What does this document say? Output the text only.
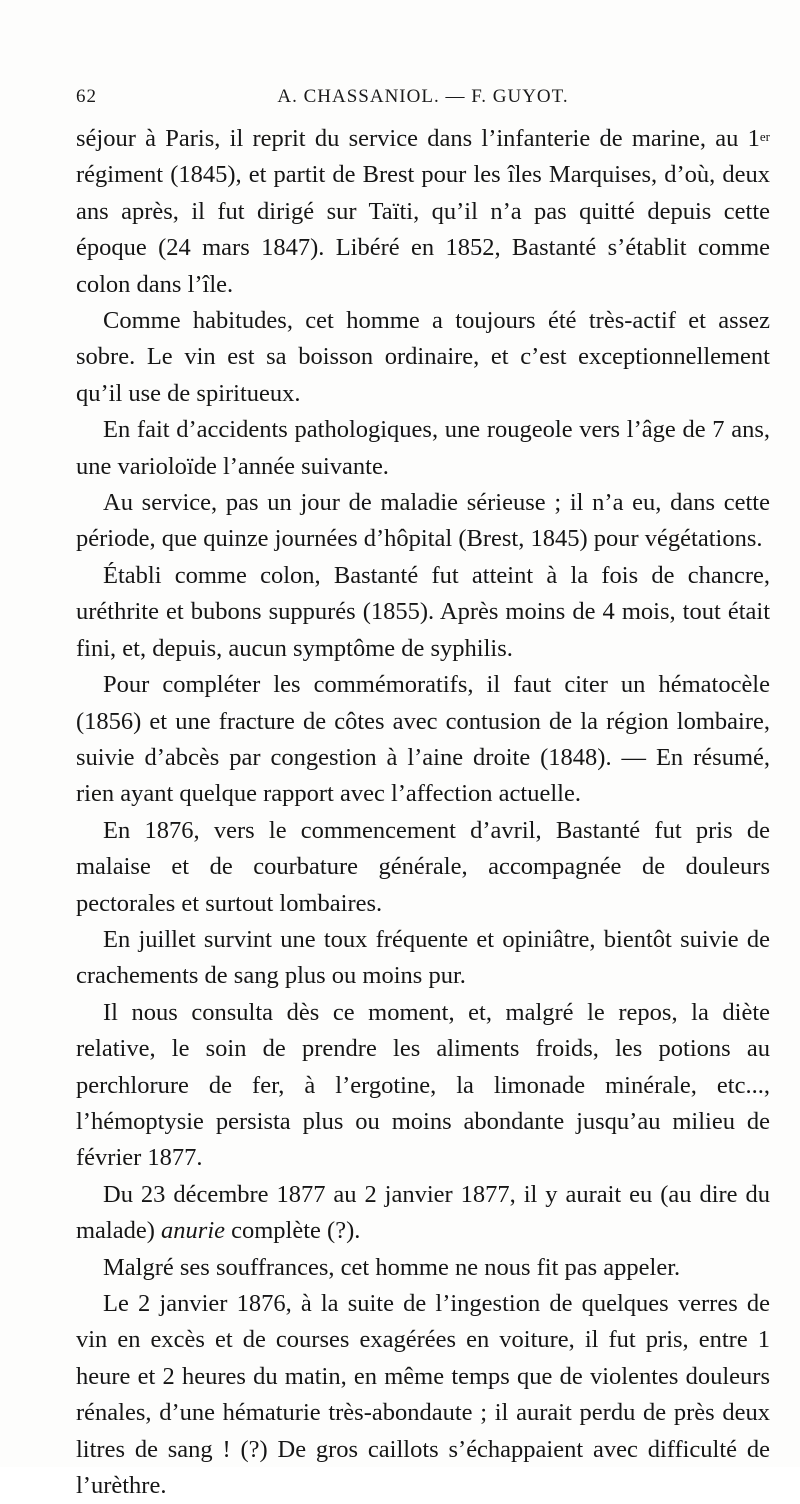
62	A. CHASSANIOL. — F. GUYOT.

séjour à Paris, il reprit du service dans l’infanterie de marine, au 1er régiment (1845), et partit de Brest pour les îles Marquises, d’où, deux ans après, il fut dirigé sur Taïti, qu’il n’a pas quitté depuis cette époque (24 mars 1847). Libéré en 1852, Bastanté s’établit comme colon dans l’île.

Comme habitudes, cet homme a toujours été très-actif et assez sobre. Le vin est sa boisson ordinaire, et c’est exceptionnellement qu’il use de spiritueux.

En fait d’accidents pathologiques, une rougeole vers l’âge de 7 ans, une varioloïde l’année suivante.

Au service, pas un jour de maladie sérieuse ; il n’a eu, dans cette période, que quinze journées d’hôpital (Brest, 1845) pour végétations.

Établi comme colon, Bastanté fut atteint à la fois de chancre, uréthrite et bubons suppurés (1855). Après moins de 4 mois, tout était fini, et, depuis, aucun symptôme de syphilis.

Pour compléter les commémoratifs, il faut citer un hématocèle (1856) et une fracture de côtes avec contusion de la région lombaire, suivie d’abcès par congestion à l’aine droite (1848). — En résumé, rien ayant quelque rapport avec l’affection actuelle.

En 1876, vers le commencement d’avril, Bastanté fut pris de malaise et de courbature générale, accompagnée de douleurs pectorales et surtout lombaires.

En juillet survint une toux fréquente et opiniâtre, bientôt suivie de crachements de sang plus ou moins pur.

Il nous consulta dès ce moment, et, malgré le repos, la diète relative, le soin de prendre les aliments froids, les potions au perchlorure de fer, à l’ergotine, la limonade minérale, etc..., l’hémoptysie persista plus ou moins abondante jusqu’au milieu de février 1877.

Du 23 décembre 1877 au 2 janvier 1877, il y aurait eu (au dire du malade) anurie complète (?).

Malgré ses souffrances, cet homme ne nous fit pas appeler.

Le 2 janvier 1876, à la suite de l’ingestion de quelques verres de vin en excès et de courses exagérées en voiture, il fut pris, entre 1 heure et 2 heures du matin, en même temps que de violentes douleurs rénales, d’une hématurie très-abondaute ; il aurait perdu de près deux litres de sang ! (?) De gros caillots s’échappaient avec difficulté de l’urèthre.
